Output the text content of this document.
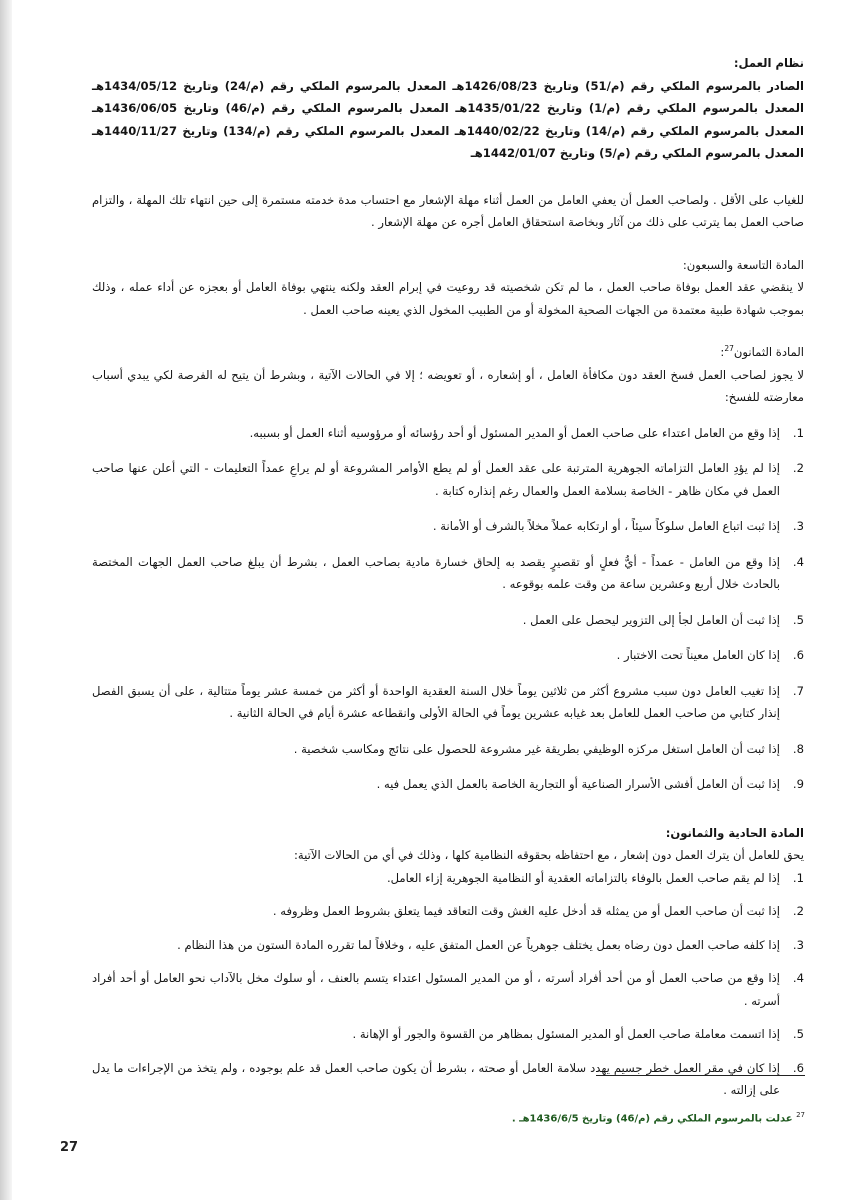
نظام العمل:

الصادر بالمرسوم الملكي رقم (م/51) وتاريخ 1426/08/23هـ المعدل بالمرسوم الملكي رقم (م/24) وتاريخ 1434/05/12هـ المعدل بالمرسوم الملكي رقم (م/1) وتاريخ 1435/01/22هـ المعدل بالمرسوم الملكي رقم (م/46) وتاريخ 1436/06/05هـ المعدل بالمرسوم الملكي رقم (م/14) وتاريخ 1440/02/22هـ المعدل بالمرسوم الملكي رقم (م/134) وتاريخ 1440/11/27هـ المعدل بالمرسوم الملكي رقم (م/5) وتاريخ 1442/01/07هـ

للغياب على الأقل . ولصاحب العمل أن يعفي العامل من العمل أثناء مهلة الإشعار مع احتساب مدة خدمته مستمرة إلى حين انتهاء تلك المهلة ، والتزام صاحب العمل بما يترتب على ذلك من آثار وبخاصة استحقاق العامل أجره عن مهلة الإشعار .

المادة التاسعة والسبعون:

لا ينقضي عقد العمل بوفاة صاحب العمل ، ما لم تكن شخصيته قد روعيت في إبرام العقد ولكنه ينتهي بوفاة العامل أو بعجزه عن أداء عمله ، وذلك بموجب شهادة طبية معتمدة من الجهات الصحية المخولة أو من الطبيب المخول الذي يعينه صاحب العمل .

المادة الثمانون$^{27}$:

لا يجوز لصاحب العمل فسخ العقد دون مكافأة العامل ، أو إشعاره ، أو تعويضه ؛ إلا في الحالات الآتية ، وبشرط أن يتيح له الفرصة لكي يبدي أسباب معارضته للفسخ:

1.
إذا وقع من العامل اعتداء على صاحب العمل أو المدير المسئول أو أحد رؤسائه أو مرؤوسيه أثناء العمل أو بسببه.
2.
إذا لم يؤدِ العامل التزاماته الجوهرية المترتبة على عقد العمل أو لم يطع الأوامر المشروعة أو لم يراعِ عمداً التعليمات - التي أعلن عنها صاحب العمل في مكان ظاهر - الخاصة بسلامة العمل والعمال رغم إنذاره كتابة .
3.
إذا ثبت اتباع العامل سلوكاً سيئاً ، أو ارتكابه عملاً مخلاً بالشرف أو الأمانة .
4.
إذا وقع من العامل - عمداً - أيُّ فعلٍ أو تقصيرٍ يقصد به إلحاق خسارة مادية بصاحب العمل ، بشرط أن يبلغ صاحب العمل الجهات المختصة بالحادث خلال أربع وعشرين ساعة من وقت علمه بوقوعه .
5.
إذا ثبت أن العامل لجأ إلى التزوير ليحصل على العمل .
6.
إذا كان العامل معيناً تحت الاختبار .
7.
إذا تغيب العامل دون سبب مشروع أكثر من ثلاثين يوماً خلال السنة العقدية الواحدة أو أكثر من خمسة عشر يوماً متتالية ، على أن يسبق الفصل إنذار كتابي من صاحب العمل للعامل بعد غيابه عشرين يوماً في الحالة الأولى وانقطاعه عشرة أيام في الحالة الثانية .
8.
إذا ثبت أن العامل استغل مركزه الوظيفي بطريقة غير مشروعة للحصول على نتائج ومكاسب شخصية .
9.
إذا ثبت أن العامل أفشى الأسرار الصناعية أو التجارية الخاصة بالعمل الذي يعمل فيه .

المادة الحادية والثمانون:

يحق للعامل أن يترك العمل دون إشعار ، مع احتفاظه بحقوقه النظامية كلها ، وذلك في أي من الحالات الآتية:

1.
إذا لم يقم صاحب العمل بالوفاء بالتزاماته العقدية أو النظامية الجوهرية إزاء العامل.
2.
إذا ثبت أن صاحب العمل أو من يمثله قد أدخل عليه الغش وقت التعاقد فيما يتعلق بشروط العمل وظروفه .
3.
إذا كلفه صاحب العمل دون رضاه بعمل يختلف جوهرياً عن العمل المتفق عليه ، وخلافاً لما تقرره المادة الستون من هذا النظام .
4.
إذا وقع من صاحب العمل أو من أحد أفراد أسرته ، أو من المدير المسئول اعتداء يتسم بالعنف ، أو سلوك مخل بالآداب نحو العامل أو أحد أفراد أسرته .
5.
إذا اتسمت معاملة صاحب العمل أو المدير المسئول بمظاهر من القسوة والجور أو الإهانة .
6.
إذا كان في مقر العمل خطر جسيم يهدد سلامة العامل أو صحته ، بشرط أن يكون صاحب العمل قد علم بوجوده ، ولم يتخذ من الإجراءات ما يدل على إزالته .
$^{27}$ عدلت بالمرسوم الملكي رقم (م/46) وتاريخ 1436/6/5هـ .
27
